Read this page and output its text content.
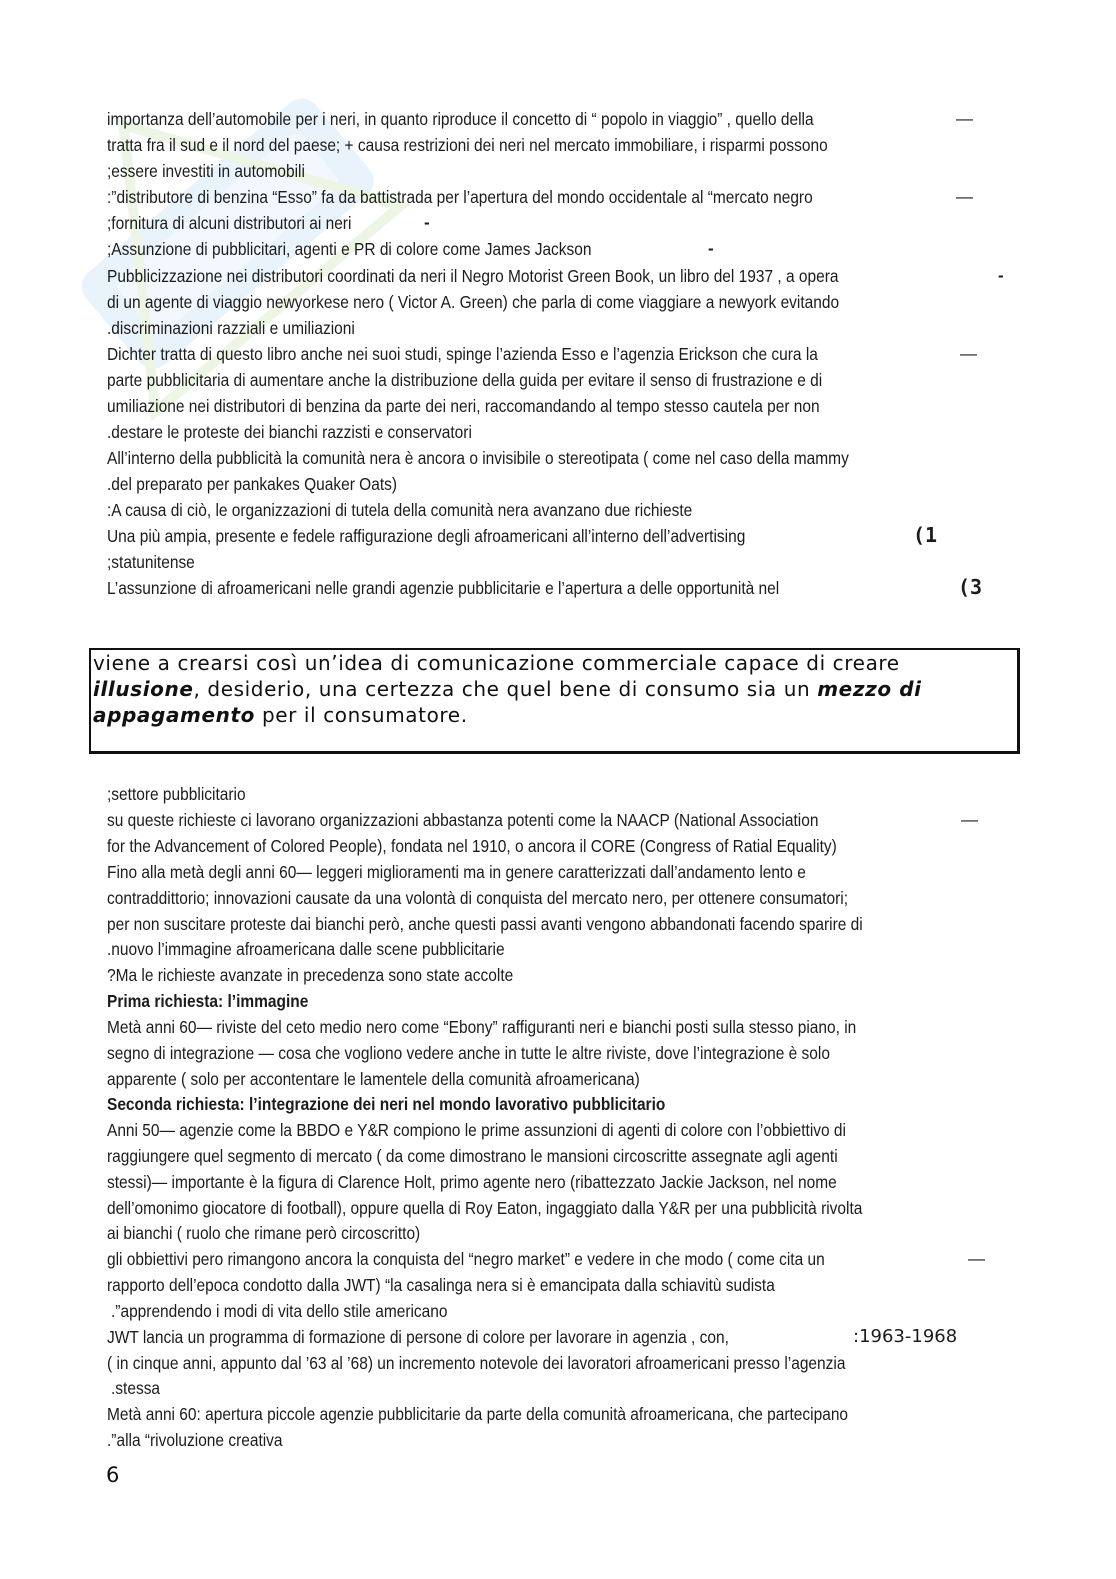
importanza dell’automobile per i neri, in quanto riproduce il concetto di “ popolo in viaggio” , quello della
tratta fra il sud e il nord del paese; + causa restrizioni dei neri nel mercato immobiliare, i risparmi possono
;essere investiti in automobili
:”distributore di benzina “Esso” fa da battistrada per l’apertura del mondo occidentale al “mercato negro
;fornitura di alcuni distributori ai neri
;Assunzione di pubblicitari, agenti e PR di colore come James Jackson
Pubblicizzazione nei distributori coordinati da neri il Negro Motorist Green Book, un libro del 1937 , a opera
di un agente di viaggio newyorkese nero ( Victor A. Green) che parla di come viaggiare a newyork evitando
.discriminazioni razziali e umiliazioni
Dichter tratta di questo libro anche nei suoi studi, spinge l’azienda Esso e l’agenzia Erickson che cura la
parte pubblicitaria di aumentare anche la distribuzione della guida per evitare il senso di frustrazione e di
umiliazione nei distributori di benzina da parte dei neri, raccomandando al tempo stesso cautela per non
.destare le proteste dei bianchi razzisti e conservatori
All’interno della pubblicità la comunità nera è ancora o invisibile o stereotipata ( come nel caso della mammy
.del preparato per pankakes Quaker Oats)
:A causa di ciò, le organizzazioni di tutela della comunità nera avanzano due richieste
Una più ampia, presente e fedele raffigurazione degli afroamericani all’interno dell’advertising
;statunitense
L’assunzione di afroamericani nelle grandi agenzie pubblicitarie e l’apertura a delle opportunità nel
—
—
-
-
-
—
(1
(3
viene a crearsi così un’idea di comunicazione commerciale capace di creare
illusione, desiderio, una certezza che quel bene di consumo sia un mezzo di appagamento per il consumatore.
;settore pubblicitario
su queste richieste ci lavorano organizzazioni abbastanza potenti come la NAACP (National Association
for the Advancement of Colored People), fondata nel 1910, o ancora il CORE (Congress of Ratial Equality)
Fino alla metà degli anni 60— leggeri miglioramenti ma in genere caratterizzati dall’andamento lento e
contraddittorio; innovazioni causate da una volontà di conquista del mercato nero, per ottenere consumatori;
per non suscitare proteste dai bianchi però, anche questi passi avanti vengono abbandonati facendo sparire di
.nuovo l’immagine afroamericana dalle scene pubblicitarie
?Ma le richieste avanzate in precedenza sono state accolte
Prima richiesta: l’immagine
Metà anni 60— riviste del ceto medio nero come “Ebony” raffiguranti neri e bianchi posti sulla stesso piano, in
segno di integrazione — cosa che vogliono vedere anche in tutte le altre riviste, dove l’integrazione è solo
apparente ( solo per accontentare le lamentele della comunità afroamericana)
Seconda richiesta: l’integrazione dei neri nel mondo lavorativo pubblicitario
Anni 50— agenzie come la BBDO e Y&R compiono le prime assunzioni di agenti di colore con l’obbiettivo di
raggiungere quel segmento di mercato ( da come dimostrano le mansioni circoscritte assegnate agli agenti
stessi)— importante è la figura di Clarence Holt, primo agente nero (ribattezzato Jackie Jackson, nel nome
dell’omonimo giocatore di football), oppure quella di Roy Eaton, ingaggiato dalla Y&R per una pubblicità rivolta
ai bianchi ( ruolo che rimane però circoscritto)
gli obbiettivi pero rimangono ancora la conquista del “negro market” e vedere in che modo ( come cita un
rapporto dell’epoca condotto dalla JWT) “la casalinga nera si è emancipata dalla schiavitù sudista
.”apprendendo i modi di vita dello stile americano
JWT lancia un programma di formazione di persone di colore per lavorare in agenzia , con,
( in cinque anni, appunto dal ’63 al ’68) un incremento notevole dei lavoratori afroamericani presso l’agenzia
.stessa
Metà anni 60: apertura piccole agenzie pubblicitarie da parte della comunità afroamericana, che partecipano
.”alla “rivoluzione creativa
—
—
:1963-1968
6
